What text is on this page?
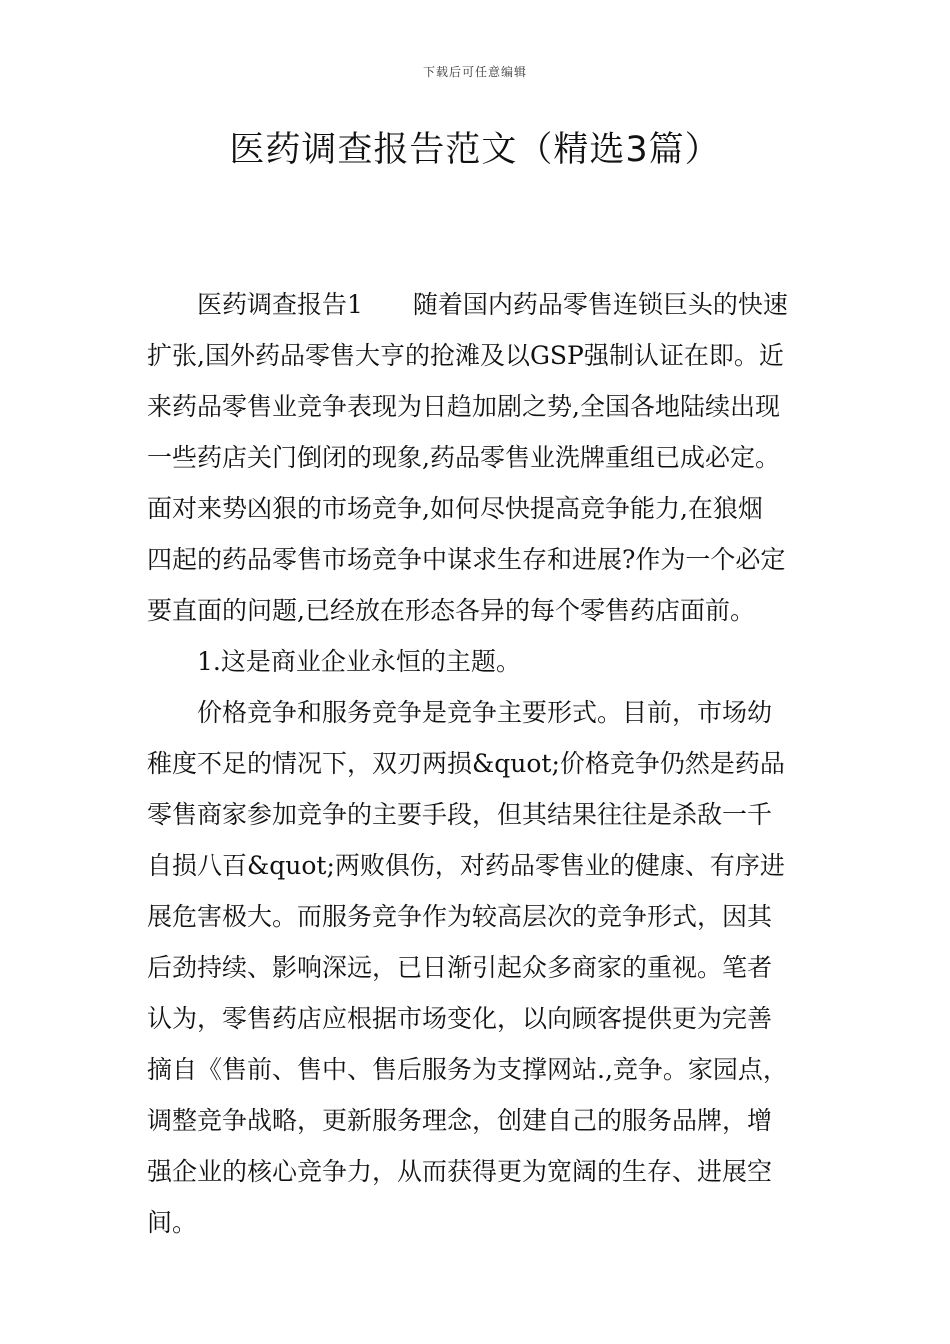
下载后可任意编辑
医药调查报告范文（精选3篇）
医药调查报告1 随着国内药品零售连锁巨头的快速
扩张,国外药品零售大亨的抢滩及以GSP强制认证在即。近
来药品零售业竞争表现为日趋加剧之势,全国各地陆续出现
一些药店关门倒闭的现象,药品零售业洗牌重组已成必定。
面对来势凶狠的市场竞争,如何尽快提高竞争能力,在狼烟
四起的药品零售市场竞争中谋求生存和进展?作为一个必定
要直面的问题,已经放在形态各异的每个零售药店面前。
1.这是商业企业永恒的主题。
价格竞争和服务竞争是竞争主要形式。目前，市场幼
稚度不足的情况下，双刃两损&quot;价格竞争仍然是药品
零售商家参加竞争的主要手段，但其结果往往是杀敌一千
自损八百&quot;两败俱伤，对药品零售业的健康、有序进
展危害极大。而服务竞争作为较高层次的竞争形式，因其
后劲持续、影响深远，已日渐引起众多商家的重视。笔者
认为，零售药店应根据市场变化，以向顾客提供更为完善
摘自《售前、售中、售后服务为支撑网站.,竞争。家园点，
调整竞争战略，更新服务理念，创建自己的服务品牌，增
强企业的核心竞争力，从而获得更为宽阔的生存、进展空
间。
